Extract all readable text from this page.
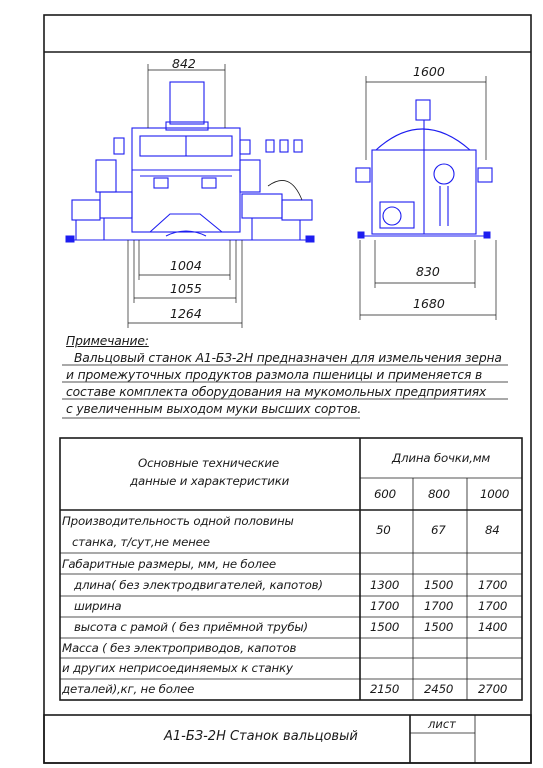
842
1004
1055
1264
1600
830
1680
Примечание:
Вальцовый станок А1-БЗ-2Н предназначен для измельчения зерна
и промежуточных продуктов размола пшеницы и применяется в
составе комплекта оборудования на мукомольных предприятиях
с увеличенным выходом муки высших сортов.
Основные технические
данные и характеристики
Длина бочки,мм
600	800	1000
Производительность одной половины
станка, т/сут,не менее
50	67	84
Габаритные размеры, мм, не более
длина( без электродвигателей, капотов)	1300 1500 1700
ширина	1700 1700 1700
высота с рамой ( без приёмной трубы)	1500 1500 1400
Масса ( без электроприводов, капотов
и других неприсоединяемых к станку
деталей),кг, не более	2150 2450 2700
А1-БЗ-2Н Станок вальцовый
лист
